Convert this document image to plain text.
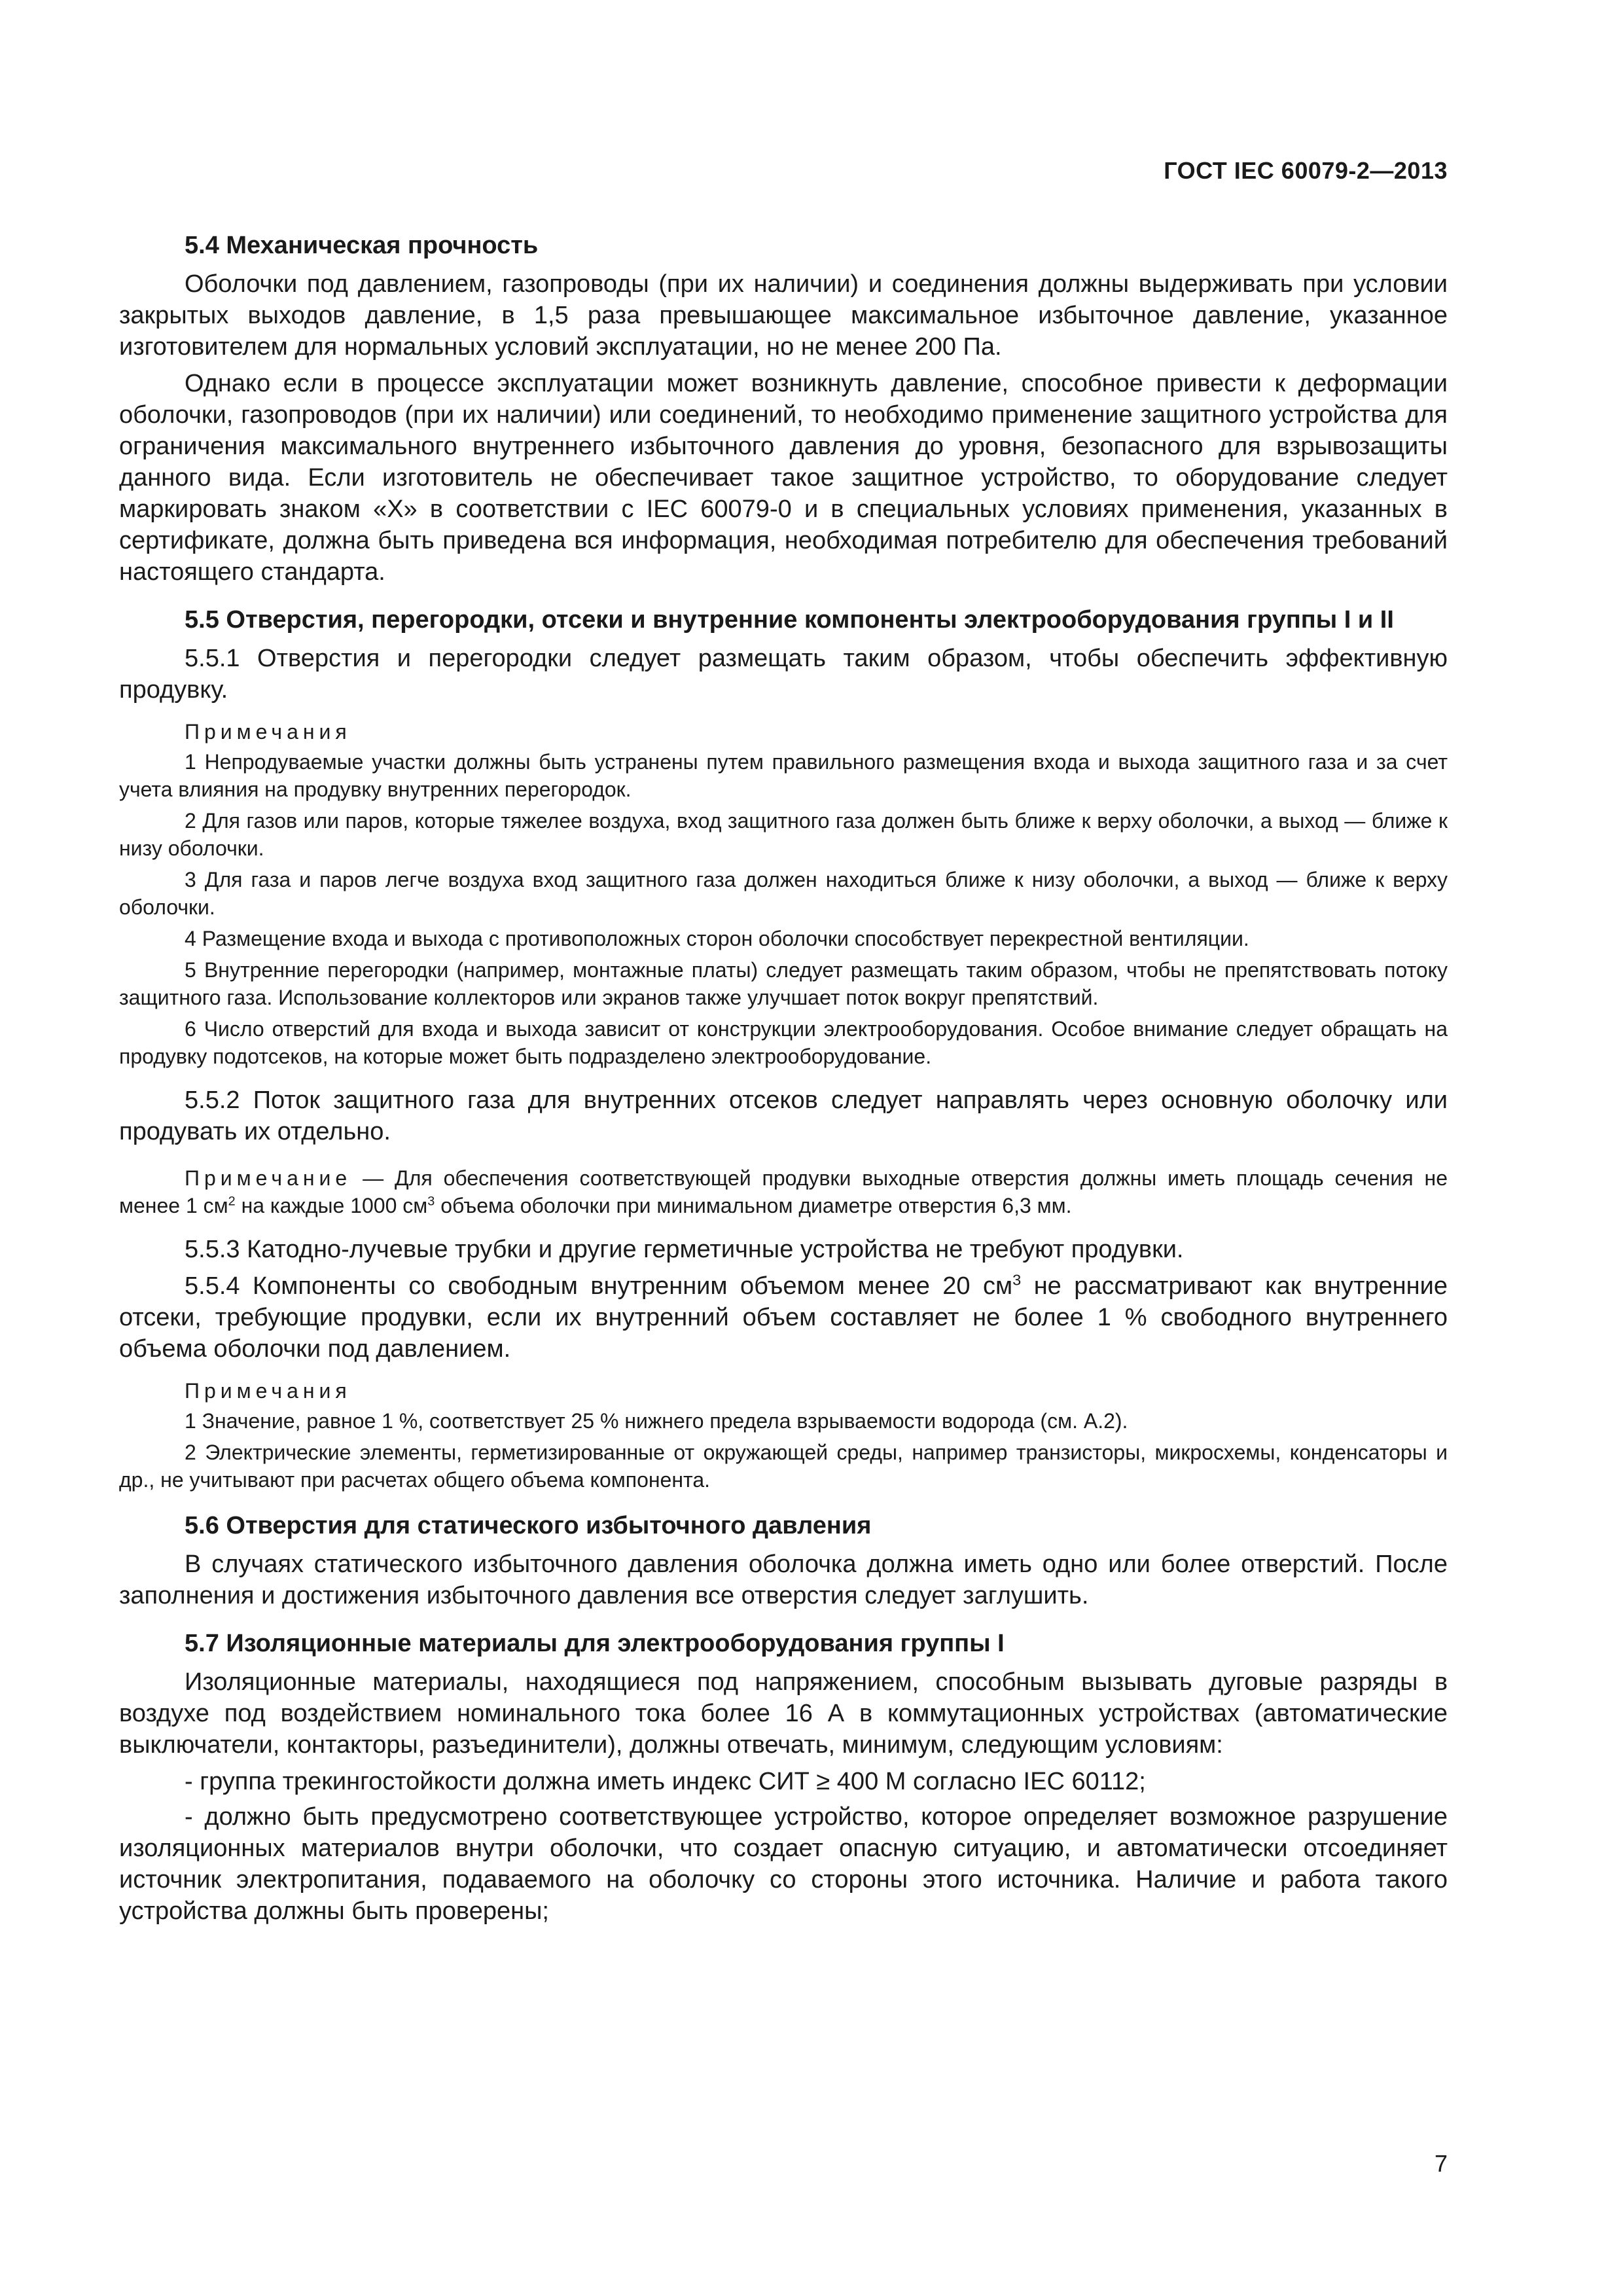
ГОСТ IEC 60079-2—2013
5.4 Механическая прочность
Оболочки под давлением, газопроводы (при их наличии) и соединения должны выдерживать при условии закрытых выходов давление, в 1,5 раза превышающее максимальное избыточное давление, указанное изготовителем для нормальных условий эксплуатации, но не менее 200 Па.
Однако если в процессе эксплуатации может возникнуть давление, способное привести к деформации оболочки, газопроводов (при их наличии) или соединений, то необходимо применение защитного устройства для ограничения максимального внутреннего избыточного давления до уровня, безопасного для взрывозащиты данного вида. Если изготовитель не обеспечивает такое защитное устройство, то оборудование следует маркировать знаком «X» в соответствии с IEC 60079-0 и в специальных условиях применения, указанных в сертификате, должна быть приведена вся информация, необходимая потребителю для обеспечения требований настоящего стандарта.
5.5 Отверстия, перегородки, отсеки и внутренние компоненты электрооборудования группы I и II
5.5.1 Отверстия и перегородки следует размещать таким образом, чтобы обеспечить эффективную продувку.
Примечания
1 Непродуваемые участки должны быть устранены путем правильного размещения входа и выхода защитного газа и за счет учета влияния на продувку внутренних перегородок.
2 Для газов или паров, которые тяжелее воздуха, вход защитного газа должен быть ближе к верху оболочки, а выход — ближе к низу оболочки.
3 Для газа и паров легче воздуха вход защитного газа должен находиться ближе к низу оболочки, а выход — ближе к верху оболочки.
4 Размещение входа и выхода с противоположных сторон оболочки способствует перекрестной вентиляции.
5 Внутренние перегородки (например, монтажные платы) следует размещать таким образом, чтобы не препятствовать потоку защитного газа. Использование коллекторов или экранов также улучшает поток вокруг препятствий.
6 Число отверстий для входа и выхода зависит от конструкции электрооборудования. Особое внимание следует обращать на продувку подотсеков, на которые может быть подразделено электрооборудование.
5.5.2 Поток защитного газа для внутренних отсеков следует направлять через основную оболочку или продувать их отдельно.
Примечание — Для обеспечения соответствующей продувки выходные отверстия должны иметь площадь сечения не менее 1 $см^2$ на каждые 1000 $см^3$ объема оболочки при минимальном диаметре отверстия 6,3 мм.
5.5.3 Катодно-лучевые трубки и другие герметичные устройства не требуют продувки.
5.5.4 Компоненты со свободным внутренним объемом менее 20 $см^3$ не рассматривают как внутренние отсеки, требующие продувки, если их внутренний объем составляет не более 1 % свободного внутреннего объема оболочки под давлением.
Примечания
1 Значение, равное 1 %, соответствует 25 % нижнего предела взрываемости водорода (см. А.2).
2 Электрические элементы, герметизированные от окружающей среды, например транзисторы, микросхемы, конденсаторы и др., не учитывают при расчетах общего объема компонента.
5.6 Отверстия для статического избыточного давления
В случаях статического избыточного давления оболочка должна иметь одно или более отверстий. После заполнения и достижения избыточного давления все отверстия следует заглушить.
5.7 Изоляционные материалы для электрооборудования группы I
Изоляционные материалы, находящиеся под напряжением, способным вызывать дуговые разряды в воздухе под воздействием номинального тока более 16 А в коммутационных устройствах (автоматические выключатели, контакторы, разъединители), должны отвечать, минимум, следующим условиям:
- группа трекингостойкости должна иметь индекс СИТ ≥ 400 М согласно IEC 60112;
- должно быть предусмотрено соответствующее устройство, которое определяет возможное разрушение изоляционных материалов внутри оболочки, что создает опасную ситуацию, и автоматически отсоединяет источник электропитания, подаваемого на оболочку со стороны этого источника. Наличие и работа такого устройства должны быть проверены;
7
